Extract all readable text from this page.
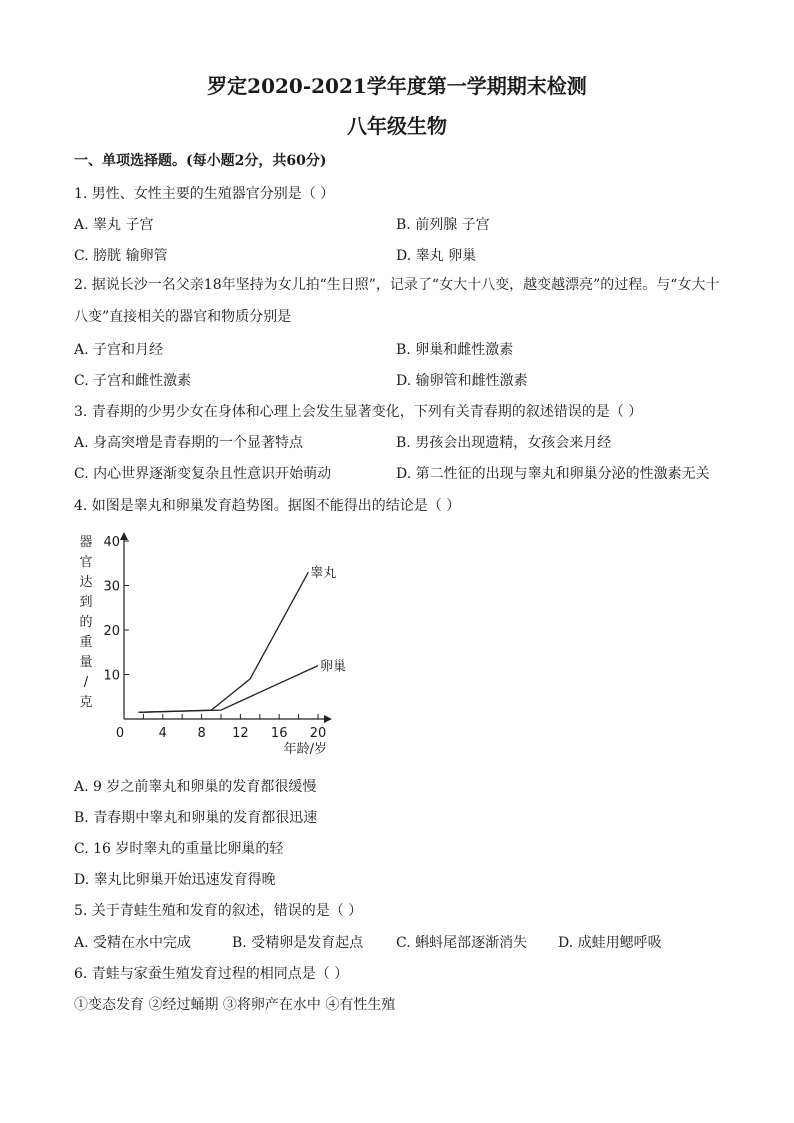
罗定2020-2021学年度第一学期期末检测
八年级生物

一、单项选择题。(每小题2分，共60分)

1. 男性、女性主要的生殖器官分别是（ ）

A. 睾丸 子宫	B. 前列腺 子宫
C. 膀胱 输卵管	D. 睾丸 卵巢

2. 据说长沙一名父亲18年坚持为女儿拍“生日照”，记录了“女大十八变，越变越漂亮”的过程。与“女大十八变”直接相关的器官和物质分别是

A. 子宫和月经	B. 卵巢和雌性激素
C. 子宫和雌性激素	D. 输卵管和雌性激素

3. 青春期的少男少女在身体和心理上会发生显著变化，下列有关青春期的叙述错误的是（ ）

A. 身高突增是青春期的一个显著特点	B. 男孩会出现遗精，女孩会来月经
C. 内心世界逐渐变复杂且性意识开始萌动	D. 第二性征的出现与睾丸和卵巢分泌的性激素无关

4. 如图是睾丸和卵巢发育趋势图。据图不能得出的结论是（ ）

器
官
达
到
的
重
量
/
克
0	4 8 12 16 20
10
20
30
40
年龄/岁
睾丸
卵巢
A. 9 岁之前睾丸和卵巢的发育都很缓慢
B. 青春期中睾丸和卵巢的发育都很迅速
C. 16 岁时睾丸的重量比卵巢的轻
D. 睾丸比卵巢开始迅速发育得晚

5. 关于青蛙生殖和发育的叙述，错误的是（ ）

A. 受精在水中完成	B. 受精卵是发育起点 C. 蝌蚪尾部逐渐消失 D. 成蛙用鳃呼吸

6. 青蛙与家蚕生殖发育过程的相同点是（ ）

①变态发育 ②经过蛹期 ③将卵产在水中 ④有性生殖
